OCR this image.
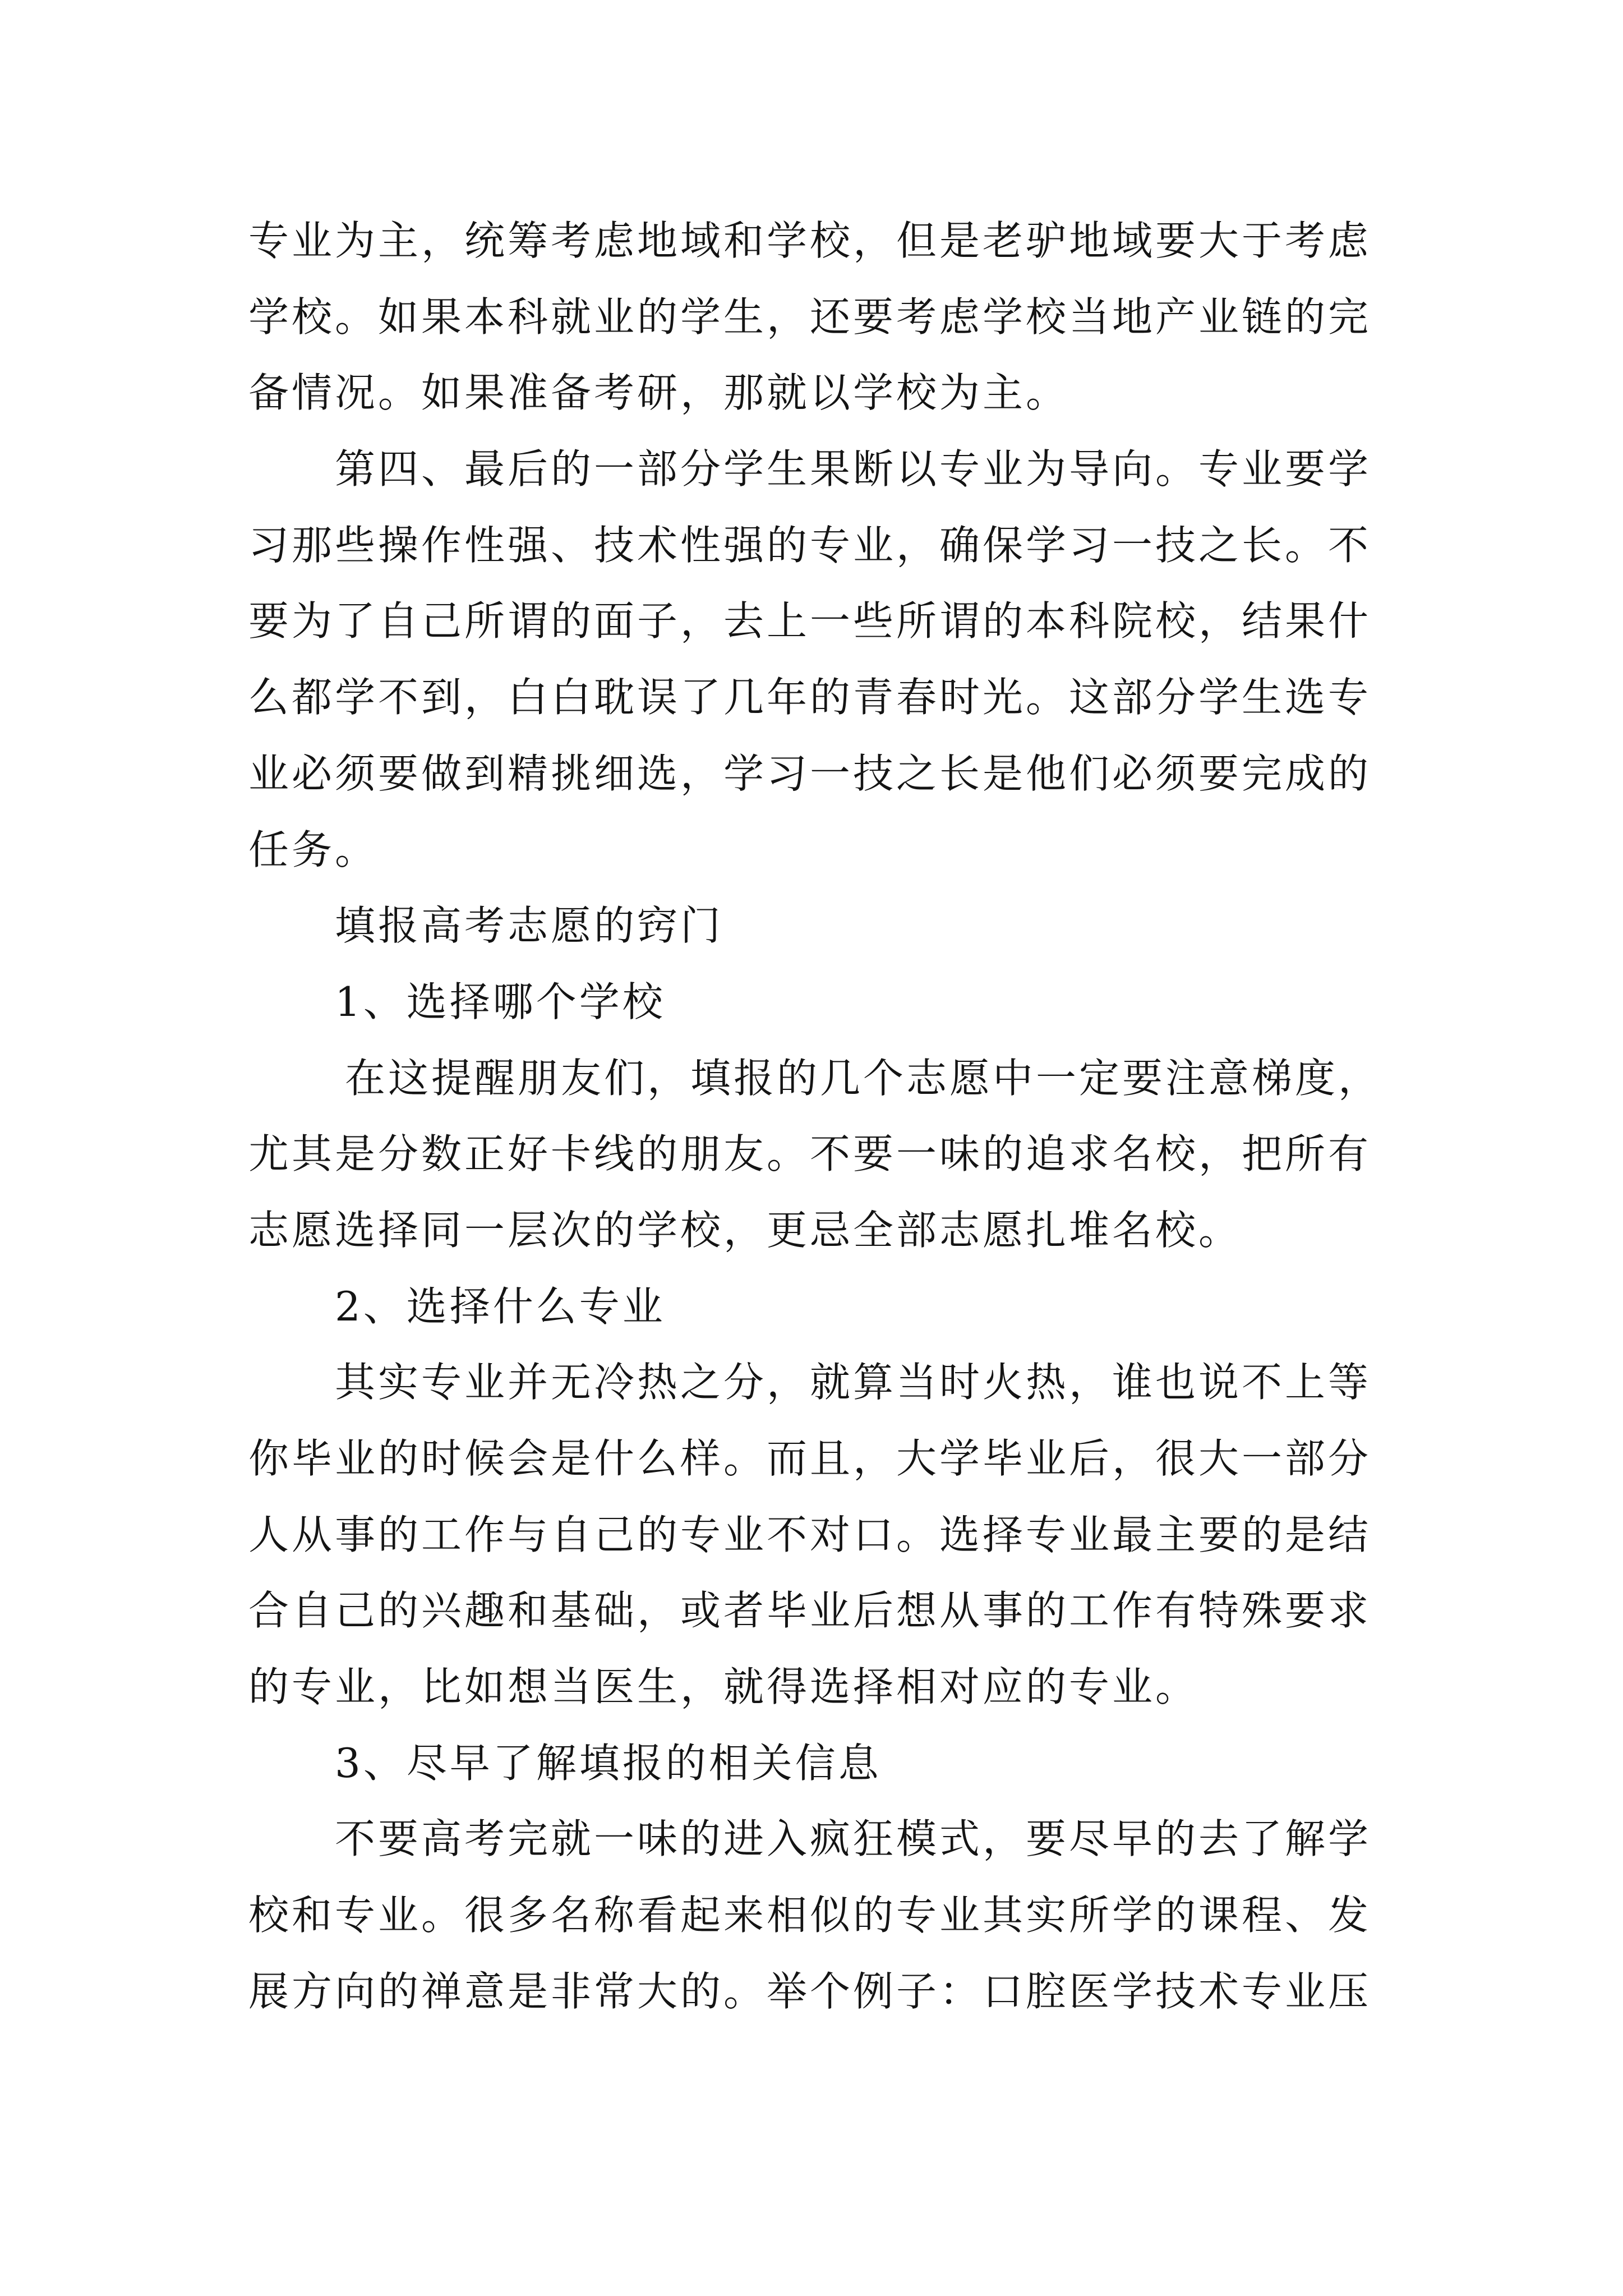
专业为主，统筹考虑地域和学校，但是老驴地域要大于考虑
学校。如果本科就业的学生，还要考虑学校当地产业链的完
备情况。如果准备考研，那就以学校为主。
第四、最后的一部分学生果断以专业为导向。专业要学
习那些操作性强、技术性强的专业，确保学习一技之长。不
要为了自己所谓的面子，去上一些所谓的本科院校，结果什
么都学不到，白白耽误了几年的青春时光。这部分学生选专
业必须要做到精挑细选，学习一技之长是他们必须要完成的
任务。
填报高考志愿的窍门
1、选择哪个学校
在这提醒朋友们，填报的几个志愿中一定要注意梯度，
尤其是分数正好卡线的朋友。不要一味的追求名校，把所有
志愿选择同一层次的学校，更忌全部志愿扎堆名校。
2、选择什么专业
其实专业并无冷热之分，就算当时火热，谁也说不上等
你毕业的时候会是什么样。而且，大学毕业后，很大一部分
人从事的工作与自己的专业不对口。选择专业最主要的是结
合自己的兴趣和基础，或者毕业后想从事的工作有特殊要求
的专业，比如想当医生，就得选择相对应的专业。
3、尽早了解填报的相关信息
不要高考完就一味的进入疯狂模式，要尽早的去了解学
校和专业。很多名称看起来相似的专业其实所学的课程、发
展方向的禅意是非常大的。举个例子：口腔医学技术专业压
